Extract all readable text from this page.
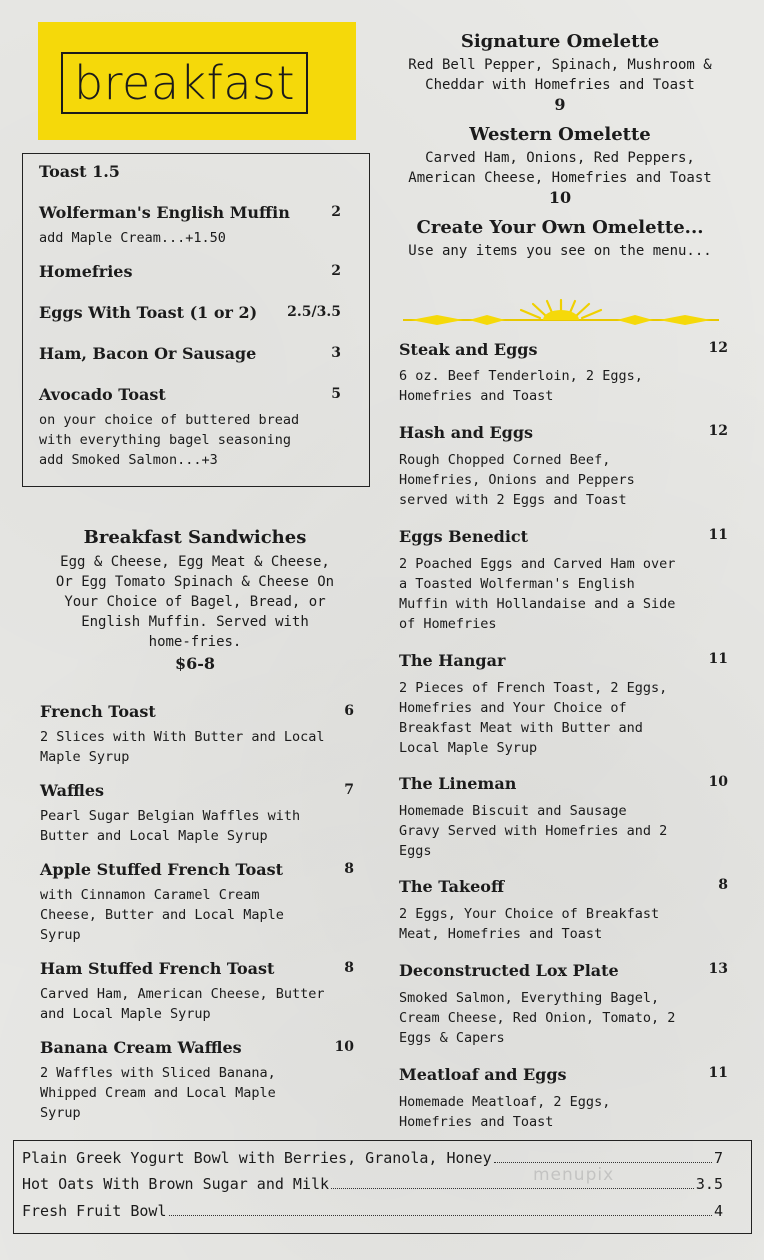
breakfast
Toast 1.5
Wolferman's English Muffin	2
add Maple Cream...+1.50
Homefries	2
Eggs With Toast (1 or 2) 2.5/3.5
Ham, Bacon Or Sausage	3
Avocado Toast	5
on your choice of buttered bread
with everything bagel seasoning
add Smoked Salmon...+3
Breakfast Sandwiches
Egg & Cheese, Egg Meat & Cheese,
Or Egg Tomato Spinach & Cheese On
Your Choice of Bagel, Bread, or
English Muffin. Served with
home-fries.
$6-8
French Toast	6
2 Slices with With Butter and Local
Maple Syrup
Waffles	7
Pearl Sugar Belgian Waffles with
Butter and Local Maple Syrup
Apple Stuffed French Toast	8
with Cinnamon Caramel Cream
Cheese, Butter and Local Maple
Syrup
Ham Stuffed French Toast	8
Carved Ham, American Cheese, Butter
and Local Maple Syrup
Banana Cream Waffles	10
2 Waffles with Sliced Banana,
Whipped Cream and Local Maple
Syrup
Signature Omelette
Red Bell Pepper, Spinach, Mushroom &
Cheddar with Homefries and Toast
9
Western Omelette
Carved Ham, Onions, Red Peppers,
American Cheese, Homefries and Toast
10
Create Your Own Omelette...
Use any items you see on the menu...
Steak and Eggs	12
6 oz. Beef Tenderloin, 2 Eggs,
Homefries and Toast
Hash and Eggs	12
Rough Chopped Corned Beef,
Homefries, Onions and Peppers
served with 2 Eggs and Toast
Eggs Benedict	11
2 Poached Eggs and Carved Ham over
a Toasted Wolferman's English
Muffin with Hollandaise and a Side
of Homefries
The Hangar	11
2 Pieces of French Toast, 2 Eggs,
Homefries and Your Choice of
Breakfast Meat with Butter and
Local Maple Syrup
The Lineman	10
Homemade Biscuit and Sausage
Gravy Served with Homefries and 2
Eggs
The Takeoff	8
2 Eggs, Your Choice of Breakfast
Meat, Homefries and Toast
Deconstructed Lox Plate	13
Smoked Salmon, Everything Bagel,
Cream Cheese, Red Onion, Tomato, 2
Eggs & Capers
Meatloaf and Eggs	11
Homemade Meatloaf, 2 Eggs,
Homefries and Toast
Plain Greek Yogurt Bowl with Berries, Granola, Honey	7
Hot Oats With Brown Sugar and Milk	3.5
Fresh Fruit Bowl	4
menupix
